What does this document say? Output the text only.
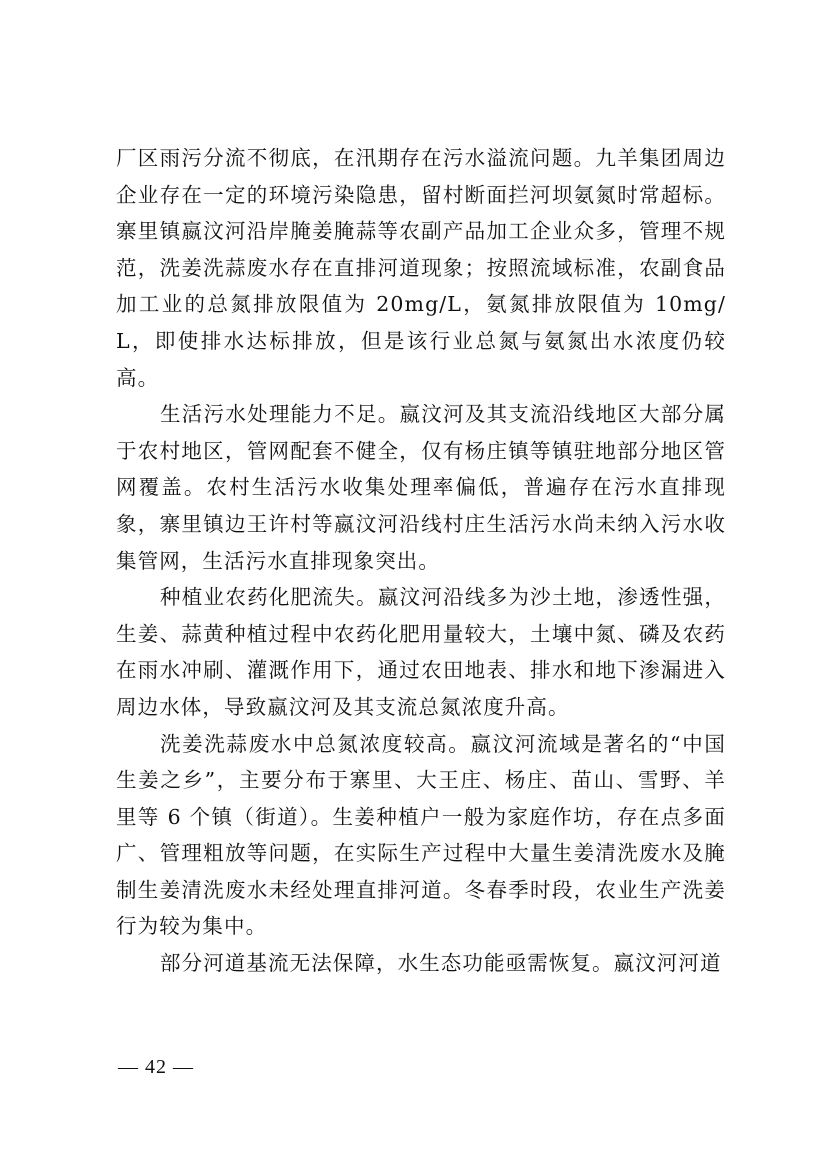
厂区雨污分流不彻底，在汛期存在污水溢流问题。九羊集团周边企业存在一定的环境污染隐患，留村断面拦河坝氨氮时常超标。寨里镇嬴汶河沿岸腌姜腌蒜等农副产品加工企业众多，管理不规范，洗姜洗蒜废水存在直排河道现象；按照流域标准，农副食品加工业的总氮排放限值为 20mg/L，氨氮排放限值为 10mg/L，即使排水达标排放，但是该行业总氮与氨氮出水浓度仍较高。

生活污水处理能力不足。嬴汶河及其支流沿线地区大部分属于农村地区，管网配套不健全，仅有杨庄镇等镇驻地部分地区管网覆盖。农村生活污水收集处理率偏低，普遍存在污水直排现象，寨里镇边王许村等嬴汶河沿线村庄生活污水尚未纳入污水收集管网，生活污水直排现象突出。

种植业农药化肥流失。嬴汶河沿线多为沙土地，渗透性强，生姜、蒜黄种植过程中农药化肥用量较大，土壤中氮、磷及农药在雨水冲刷、灌溉作用下，通过农田地表、排水和地下渗漏进入周边水体，导致嬴汶河及其支流总氮浓度升高。

洗姜洗蒜废水中总氮浓度较高。嬴汶河流域是著名的“中国生姜之乡”，主要分布于寨里、大王庄、杨庄、苗山、雪野、羊里等 6 个镇（街道）。生姜种植户一般为家庭作坊，存在点多面广、管理粗放等问题，在实际生产过程中大量生姜清洗废水及腌制生姜清洗废水未经处理直排河道。冬春季时段，农业生产洗姜行为较为集中。

部分河道基流无法保障，水生态功能亟需恢复。嬴汶河河道

— 42 —
